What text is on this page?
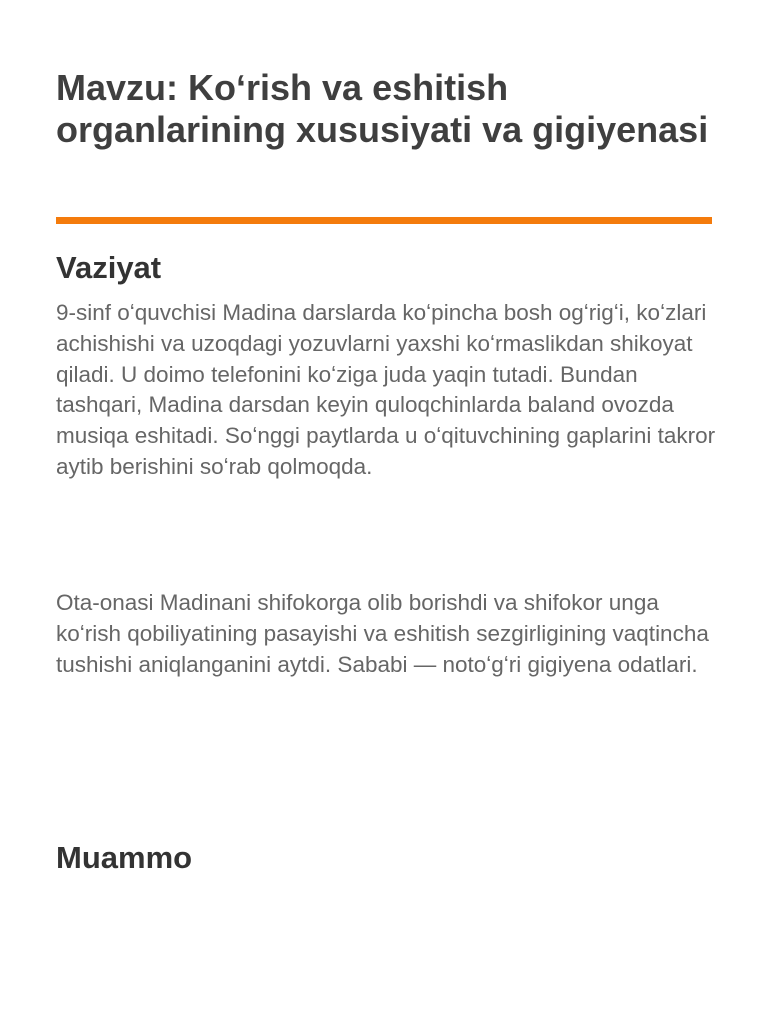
Mavzu: Koʻrish va eshitish organlarining xususiyati va gigiyenasi
Vaziyat

9-sinf oʻquvchisi Madina darslarda koʻpincha bosh ogʻrigʻi, koʻzlari achishishi va uzoqdagi yozuvlarni yaxshi koʻrmaslikdan shikoyat qiladi. U doimo telefonini koʻziga juda yaqin tutadi. Bundan tashqari, Madina darsdan keyin quloqchinlarda baland ovozda musiqa eshitadi. Soʻnggi paytlarda u oʻqituvchining gaplarini takror aytib berishini soʻrab qolmoqda.

Ota-onasi Madinani shifokorga olib borishdi va shifokor unga koʻrish qobiliyatining pasayishi va eshitish sezgirligining vaqtincha tushishi aniqlanganini aytdi. Sababi — notoʻgʻri gigiyena odatlari.

Muammo
